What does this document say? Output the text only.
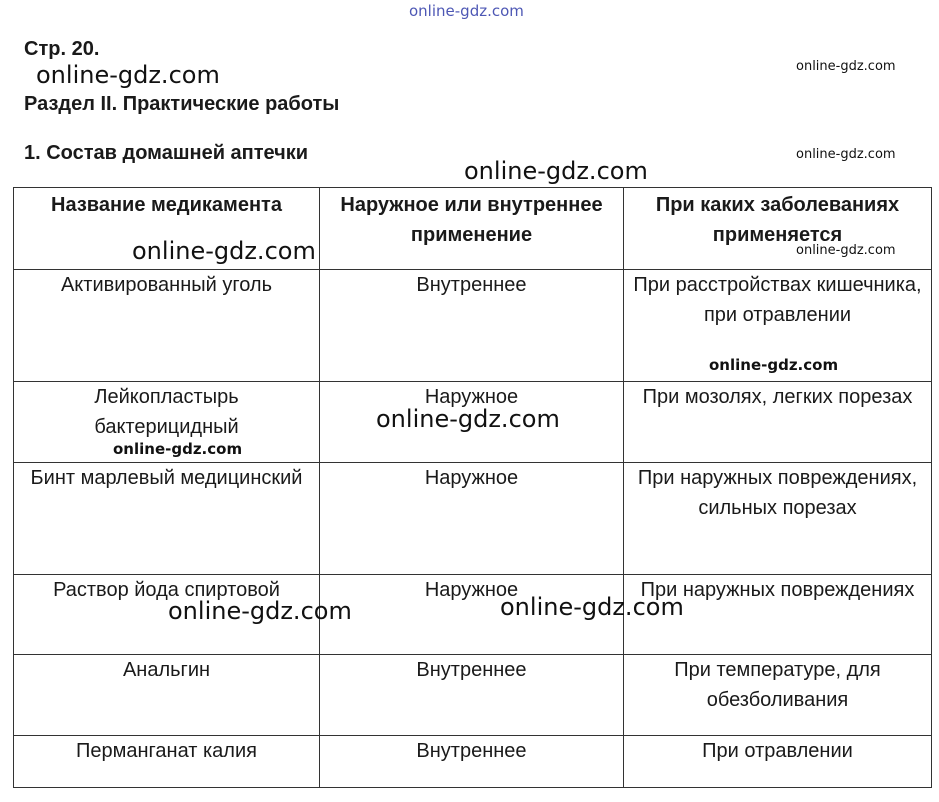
Стр. 20.
Раздел II. Практические работы
1. Состав домашней аптечки
Название медикамента	Наружное или внутреннее применение	При каких заболеваниях применяется
Активированный уголь	Внутреннее	При расстройствах кишечника, при отравлении
Лейкопластырь бактерицидный	Наружное	При мозолях, легких порезах
Бинт марлевый медицинский	Наружное	При наружных повреждениях, сильных порезах
Раствор йода спиртовой	Наружное	При наружных повреждениях
Анальгин	Внутреннее	При температуре, для обезболивания
Перманганат калия	Внутреннее	При отравлении
online-gdz.com
online-gdz.com	online-gdz.com
online-gdz.com
online-gdz.com
online-gdz.com	online-gdz.com
online-gdz.com
online-gdz.com
online-gdz.com
online-gdz.com	online-gdz.com
